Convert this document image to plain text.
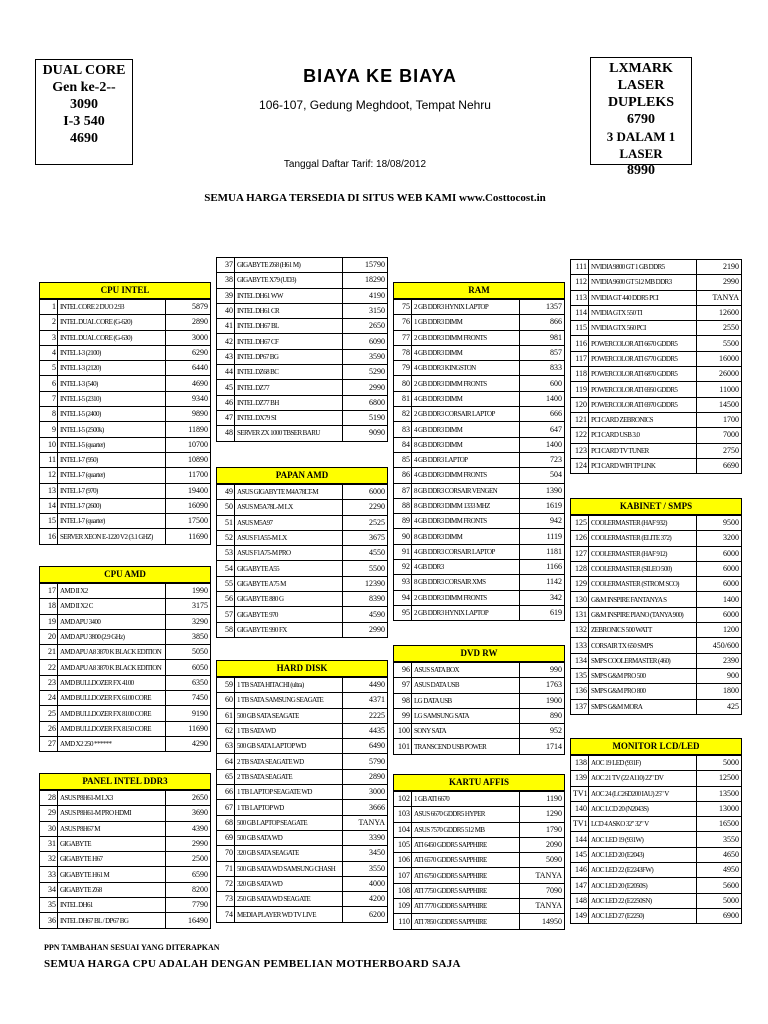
DUAL CORE
Gen ke-2--
3090
I-3 540
4690
LXMARK
LASER
DUPLEKS
6790
3 DALAM 1 LASER
8990
BIAYA KE BIAYA
106-107, Gedung Meghdoot, Tempat Nehru
Tanggal Daftar Tarif: 18/08/2012
SEMUA HARGA TERSEDIA DI SITUS WEB KAMI www.Costtocost.in
CPU INTEL
1	INTEL CORE 2 DUO 2.93	5879
2	INTEL DUAL CORE (G-620)	2890
3	INTEL DUAL CORE (G-630)	3000
4	INTEL I-3 (2100)	6290
5	INTEL I-3 (2120)	6440
6	INTEL I-3 (540)	4690
7	INTEL I-5 (2310)	9340
8	INTEL I-5 (2400)	9890
9	INTEL I-5 (2500k)	11890
10	INTEL I-5 (quarter)	10700
11	INTEL I-7 (950)	10890
12	INTEL I-7 (quarter)	11700
13	INTEL I-7 (970)	19400
14	INTEL I-7 (2600)	16090
15	INTEL I-7 (quarter)	17500
16	SERVER XEON E-1220 V2 (3.1 GHZ)	11690
CPU AMD
17	AMD II X2	1990
18	AMD II X2 C	3175
19	AMD APU 3400	3290
20	AMD APU 3800 (2.9 GHz)	3850
21	AMD APU A8 3870 K BLACK EDITION	5050
22	AMD APU A8 3870 K BLACK EDITION	6050
23	AMD BULLDOZER FX 4100	6350
24	AMD BULLDOZER FX 6100 CORE	7450
25	AMD BULLDOZER FX 8100 CORE	9190
26	AMD BULLDOZER FX 8150 CORE	11690
27	AMD X2 250 ******	4290
PANEL INTEL DDR3
28	ASUS P8H61-M LX3	2650
29	ASUS P8H61-M PRO HDMI	3690
30	ASUS P8H67 M	4390
31	GIGABYTE	2990
32	GIGABYTE H67	2500
33	GIGABYTE H61 M	6590
34	GIGABYTE Z68	8200
35	INTEL DH61	7790
36	INTEL DH67 BL / DP67 BG	16490
37	GIGABYTE Z68 (H61 M)	15790
38	GIGABYTE X79 (UD3)	18290
39	INTEL DH61 WW	4190
40	INTEL DH61 CR	3150
41	INTEL DH67 BL	2650
42	INTEL DH67 CF	6090
43	INTEL DP67 BG	3590
44	INTEL DZ68 BC	5290
45	INTEL DZ77	2990
46	INTEL DZ77 BH	6800
47	INTEL DX79 SI	5190
48	SERVER ZX 1000 TBSER BARU	9090
PAPAN AMD
49	ASUS GIGABYTE M4A78LT-M	6000
50	ASUS M5A78L-M LX	2290
51	ASUS M5A97	2525
52	ASUS F1A55-M LX	3675
53	ASUS F1A75-M PRO	4550
54	GIGABYTE A55	5500
55	GIGABYTE A75 M	12390
56	GIGABYTE 880 G	8390
57	GIGABYTE 970	4590
58	GIGABYTE 990 FX	2990
HARD DISK
59	1 TB SATA HITACHI (ultra)	4490
60	1 TB SATA SAMSUNG SEAGATE	4371
61	500 GB SATA SEAGATE	2225
62	1 TB SATA WD	4435
63	500 GB SATA LAPTOP WD	6490
64	2 TB SATA SEAGATE WD	5790
65	2 TB SATA SEAGATE	2890
66	1 TB LAPTOP SEAGATE WD	3000
67	1 TB LAPTOP WD	3666
68	500 GB LAPTOP SEAGATE	TANYA
69	500 GB SATA WD	3390
70	320 GB SATA SEAGATE	3450
71	500 GB SATA WD SAMSUNG CHASH	3550
72	320 GB SATA WD	4000
73	250 GB SATA WD SEAGATE	4200
74	MEDIA PLAYER WD TV LIVE	6200
RAM
75	2 GB DDR3 HYNIX LAPTOP	1357
76	1 GB DDR3 DIMM	866
77	2 GB DDR3 DIMM FRONTS	981
78	4 GB DDR3 DIMM	857
79	4 GB DDR3 KINGSTON	833
80	2 GB DDR3 DIMM FRONTS	600
81	4 GB DDR3 DIMM	1400
82	2 GB DDR3 CORSAIR LAPTOP	666
83	4 GB DDR3 DIMM	647
84	8 GB DDR3 DIMM	1400
85	4 GB DDR3 LAPTOP	723
86	4 GB DDR3 DIMM FRONTS	504
87	8 GB DDR3 CORSAIR VENGEN	1390
88	8 GB DDR3 DIMM 1333 MHZ	1619
89	4 GB DDR3 DIMM FRONTS	942
90	8 GB DDR3 DIMM	1119
91	4 GB DDR3 CORSAIR LAPTOP	1181
92	4 GB DDR3	1166
93	8 GB DDR3 CORSAIR XMS	1142
94	2 GB DDR3 DIMM FRONTS	342
95	2 GB DDR3 HYNIX LAPTOP	619
DVD RW
96	ASUS SATA BOX	990
97	ASUS DATA USB	1763
98	LG DATA USB	1900
99	LG SAMSUNG SATA	890
100	SONY SATA	952
101	TRANSCEND USB POWER	1714
KARTU AFFIS
102	1 GB ATI 6670	1190
103	ASUS 6670 GDDR5 HYPER	1290
104	ASUS 7570 GDDR5 512 MB	1790
105	ATI 6450 GDDR5 SAPPHIRE	2090
106	ATI 6570 GDDR5 SAPPHIRE	5090
107	ATI 6750 GDDR5 SAPPHIRE	TANYA
108	ATI 7750 GDDR5 SAPPHIRE	7090
109	ATI 7770 GDDR5 SAPPHIRE	TANYA
110	ATI 7850 GDDR5 SAPPHIRE	14950
111	NVIDIA 9800 GT 1 GB DDR5	2190
112	NVIDIA 9600 GT 512 MB DDR3	2990
113	NVIDIA GT 440 DDR5 PCI	TANYA
114	NVIDIA GTX 550 TI	12600
115	NVIDIA GTX 560 PCI	2550
116	POWERCOLOR ATI 6670 GDDR5	5500
117	POWERCOLOR ATI 6770 GDDR5	16000
118	POWERCOLOR ATI 6870 GDDR5	26000
119	POWERCOLOR ATI 6950 GDDR5	11000
120	POWERCOLOR ATI 6970 GDDR5	14500
121	PCI CARD ZEBRONICS	1700
122	PCI CARD USB 3.0	7000
123	PCI CARD TV TUNER	2750
124	PCI CARD WIFI TP LINK	6690
KABINET / SMPS
125	COOLERMASTER (HAF 932)	9500
126	COOLERMASTER (ELITE 372)	3200
127	COOLERMASTER (HAF 912)	6000
128	COOLERMASTER (SILEO 500)	6000
129	COOLERMASTER (STROM SCO)	6000
130	G&M INSPIRE FANTANYA S	1400
131	G&M INSPIRE PIANO (TANYA 900)	6000
132	ZEBRONICS 500 WATT	1200
133	CORSAIR TX 650 SMPS	450/600
134	SMPS COOLERMASTER (460)	2390
135	SMPS G&M PRO 500	900
136	SMPS G&M PRO 800	1800
137	SMPS G&M MORA	425
MONITOR LCD/LED
138	AOC 19 LED (931F)	5000
139	AOC 21 TV (22 A110) 22" DV	12500
TV1	AOC 24 (LC26D200 IAU) 25" V	13500
140	AOC LCD 20 (N2043S)	13000
TV1	LCD 4 ASKO 32" 32" V	16500
144	AOC LED 19 (931W)	3550
145	AOC LED 20 (E2043)	4650
146	AOC LED 22 (E2243FW)	4950
147	AOC LED 20 (E2050S)	5600
148	AOC LED 22 (E2250SN)	5000
149	AOC LED 27 (E2250)	6900
PPN TAMBAHAN SESUAI YANG DITERAPKAN
SEMUA HARGA CPU ADALAH DENGAN PEMBELIAN MOTHERBOARD SAJA
